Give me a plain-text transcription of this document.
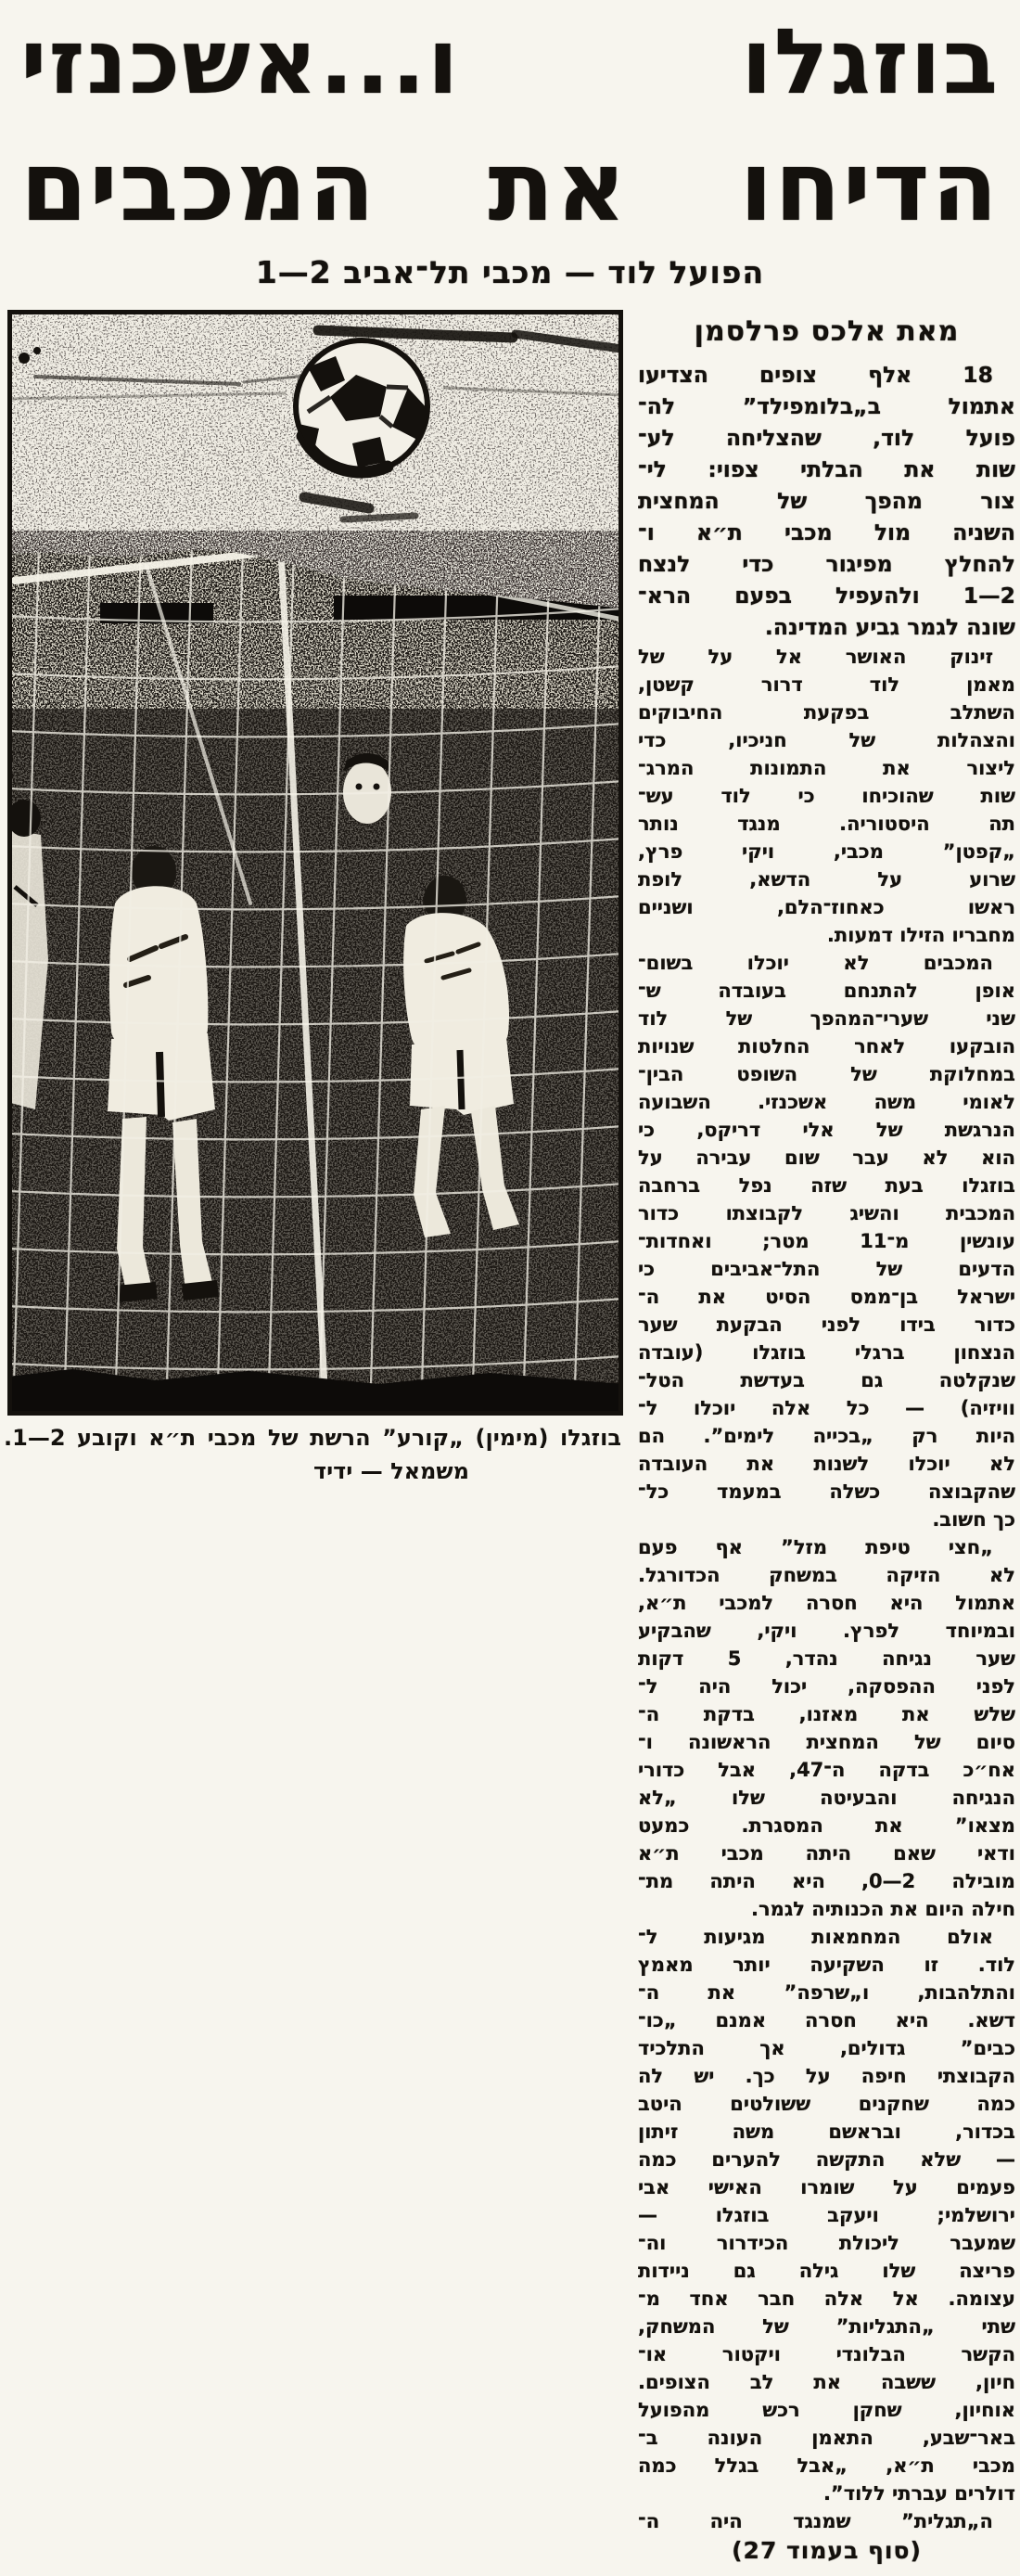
בוזגלו ו...אשכנזי
הדיחו את המכבים
הפועל לוד — מכבי תל־אביב 2—1
בוזגלו (מימין) „קורע” הרשת של מכבי ת״א וקובע 2—1.
משמאל — ידיד
מאת אלכס פרלסמן
18 אלף צופים הצדיעו
אתמול ב„בלומפילד” לה־
פועל לוד, שהצליחה לע־
שות את הבלתי צפוי: לי־
צור מהפך של המחצית
השניה מול מכבי ת״א ו־
להחלץ מפיגור כדי לנצח
2—1 ולהעפיל בפעם הרא־
שונה לגמר גביע המדינה.
זינוק האושר אל על של
מאמן לוד דרור קשטן,
השתלב בפקעת החיבוקים
והצהלות של חניכיו, כדי
ליצור את התמונות המרג־
שות שהוכיחו כי לוד עש־
תה היסטוריה. מנגד נותר
„קפטן” מכבי, ויקי פרץ,
שרוע על הדשא, לופת
ראשו כאחוז־הלם, ושניים
מחבריו הזילו דמעות.
המכבים לא יוכלו בשום־
אופן להתנחם בעובדה ש־
שני שערי־המהפך של לוד
הובקעו לאחר החלטות שנויות
במחלוקת של השופט הבין־
לאומי משה אשכנזי. השבועה
הנרגשת של אלי דריקס, כי
הוא לא עבר שום עבירה על
בוזגלו בעת שזה נפל ברחבה
המכבית והשיג לקבוצתו כדור
עונשין מ־11 מטר; ואחדות־
הדעים של התל־אביבים כי
ישראל בן־ממס הסיט את ה־
כדור בידו לפני הבקעת שער
הנצחון ברגלי בוזגלו (עובדה
שנקלטה גם בעדשת הטל־
וויזיה) — כל אלה יוכלו ל־
היות רק „בכייה לימים”. הם
לא יוכלו לשנות את העובדה
שהקבוצה כשלה במעמד כל־
כך חשוב.
„חצי טיפת מזל” אף פעם
לא הזיקה במשחק הכדורגל.
אתמול היא חסרה למכבי ת״א,
ובמיוחד לפרץ. ויקי, שהבקיע
שער נגיחה נהדר, 5 דקות
לפני ההפסקה, יכול היה ל־
שלש את מאזנו, בדקת ה־
סיום של המחצית הראשונה ו־
אח״כ בדקה ה־47, אבל כדורי
הנגיחה והבעיטה שלו „לא
מצאו” את המסגרת. כמעט
ודאי שאם היתה מכבי ת״א
מובילה 2—0, היא היתה מת־
חילה היום את הכנותיה לגמר.
אולם המחמאות מגיעות ל־
לוד. זו השקיעה יותר מאמץ
והתלהבות, ו„שרפה” את ה־
דשא. היא חסרה אמנם „כו־
כבים” גדולים, אך התלכיד
הקבוצתי חיפה על כך. יש לה
כמה שחקנים ששולטים היטב
בכדור, ובראשם משה זיתון
— שלא התקשה להערים כמה
פעמים על שומרו האישי אבי
ירושלמי; ויעקב בוזגלו —
שמעבר ליכולת הכידרור וה־
פריצה שלו גילה גם ניידות
עצומה. אל אלה חבר אחד מ־
שתי „התגליות” של המשחק,
הקשר הבלונדי ויקטור או־
חיון, ששבה את לב הצופים.
אוחיון, שחקן רכש מהפועל
באר־שבע, התאמן העונה ב־
מכבי ת״א, „אבל בגלל כמה
דולרים עברתי ללוד”.
ה„תגלית” שמנגד היה ה־
(סוף בעמוד 27)
